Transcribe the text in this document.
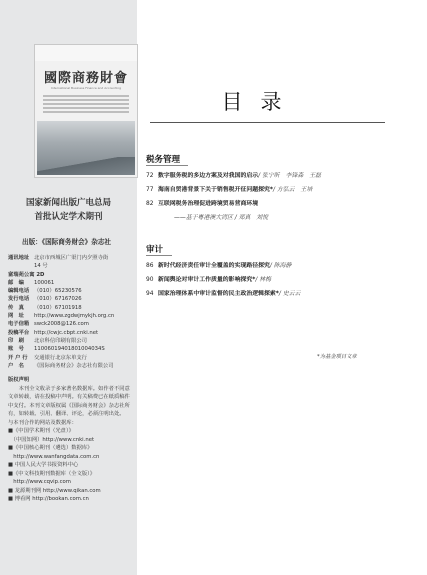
國際商務財會
International Business Finance and Accounting
国家新闻出版广电总局
首批认定学术期刊
出版：《国际商务财会》杂志社
通讯地址 北京市西城区广渠门内夕照寺街
14 号
富瑞苑公寓 2D
邮　编 100061
编辑电话 （010）65230576
发行电话 （010）67167026
传　真 （010）67101918
网　址 http://www.zgdwjmykjh.org.cn
电子信箱 swck2008@126.com
投稿平台 http://cwjc.cbpt.cnki.net
印　刷 北京科信印刷有限公司
账　号 11006019401801004034S
开 户 行 交通银行北京东单支行
户　名 《国际商务财会》杂志社有限公司

版权声明

　　本刊全文收录于多家著名数据库。如作者不同意文章转载，请在投稿中声明。有关稿费已在纸质稿件中支付。本刊文章版权属《国际商务财会》杂志社所有，如转载、引用、翻译、评论，必须注明出处。

与本刊合作的网站及数据库：

■《中国学术期刊（光盘）》
　（中国知网）http://www.cnki.net
■《中国核心期刊（遴选）数据库》
　http://www.wanfangdata.com.cn
■ 中国人民大学书报资料中心
■《中文科技期刊数据库（全文版）》
　http://www.cqvip.com
■ 龙源期刊网 http://www.qikan.com
■ 博看网 http://bookan.com.cn
目录
税务管理
72 数字服务税的多边方案及对我国的启示/ 张宁昕　李锋森　王磊
77 海南自贸港背景下关于销售税开征问题探究*/ 方弘云　王培
82 互联网税务治理促进跨境贸易营商环境
——基于粤港澳大湾区 / 郑真　刘悦
审计
86 新时代经济责任审计全覆盖的实现路径探究/ 陈海静
90 新闻舆论对审计工作质量的影响探究*/ 林梅
94 国家治理体系中审计监督的民主政治逻辑探索*/ 史云云
*为基金项目文章
